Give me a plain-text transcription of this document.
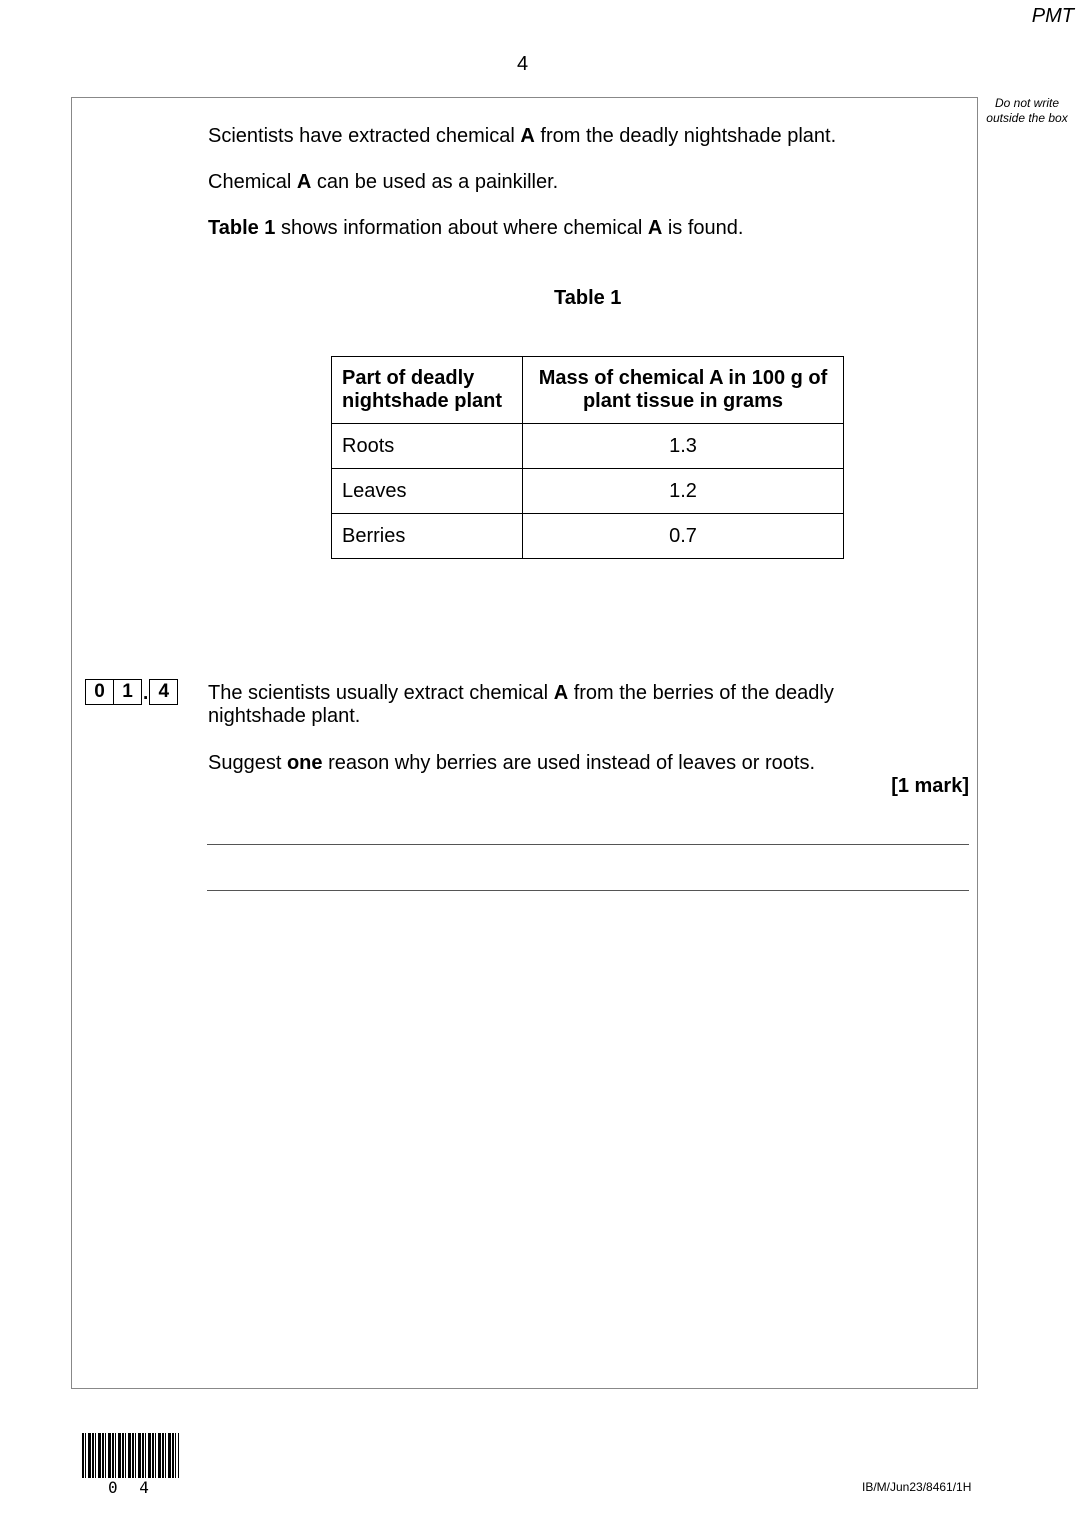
PMT
4
Do not write outside the box
Scientists have extracted chemical A from the deadly nightshade plant.
Chemical A can be used as a painkiller.
Table 1 shows information about where chemical A is found.
Table 1
Part of deadly nightshade plant	Mass of chemical A in 100 g of plant tissue in grams
Roots	1.3
Leaves	1.2
Berries	0.7
0 1 . 4	The scientists usually extract chemical A from the berries of the deadly nightshade plant.
Suggest one reason why berries are used instead of leaves or roots.
[1 mark]
0 4	IB/M/Jun23/8461/1H
